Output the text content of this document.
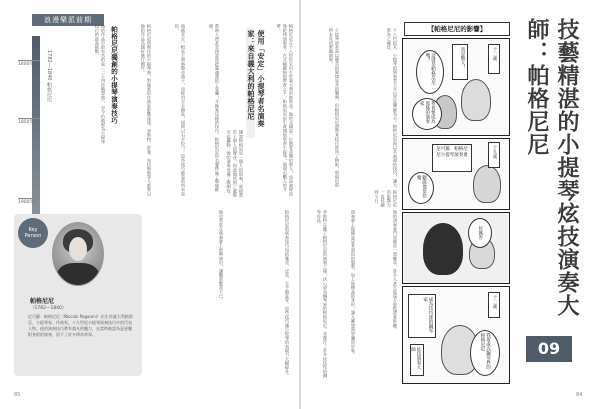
浪漫樂派前期
1800年
1850年
1900年
1782—1840 帕格尼尼	使用「安定」小提琴者名演奏家：來自義大利的帕格尼尼	帕格尼尼在十八世紀末出生於義大利的熱那亞。他的父親是一位熱愛音樂的商人，也是業餘的曼陀林演奏者。在父親嚴格的教育之下，帕格尼尼很小就開始學習小提琴，展現出驚人的才華。
據說帕格尼尼一個人的演奏，就相當於十個人的聲音，因此他所到之處都引起轟動。他的演奏充滿了戲劇性，
當時人們甚至傳說他把靈魂賣給了惡魔，才換來這樣的技巧。帕格尼尼的名聲傳遍了整個歐洲。
他擅長在一根弦上演奏整首曲子，也能用左手撥弦，同時以右手拉弓。這些技巧都是前所未見的。
帕格尼尼所創作的小提琴曲，對後來的作曲家影響深遠。李斯特、舒曼、布拉姆斯等人都曾以他的作品為題材進行創作。
帕格尼尼獨創的小提琴演奏技巧
他的作品中最有名的是〈二十四首隨想曲〉，至今仍被視為小提琴技巧的最高挑戰。
帕格尼尼的演奏技巧包括雙音、泛音、左手撥弦等。這些技巧讓小提琴的表現力大幅提升。
他也常常在演奏會上即興演出，讓觀眾驚喜不已。
Key
Person
帕格尼尼
（1782—1840）
尼可羅．帕格尼尼（Niccolo Paganini）出生於義大利熱那亞，小提琴家、作曲家。十九世紀小提琴演奏技巧中的代表人物。他的演奏技巧帶有超凡的魔力，在當時被認為是惡魔附身般的演奏，留下了許多傳奇故事。
85
【帕格尼尼的影響】
真是驚人！
這就是帕格尼尼嗎？	十二歲
我也要成為那樣的演奏家
十九歲
尼可羅．帕格尼尼小提琴演奏會
聽說他是惡魔
好厲害
十二歲
成為技巧派的鋼琴家
我要成為鋼琴界的帕格尼尼
炫技演奏大師
十八世紀末，小提琴的演奏者大多以宮廷樂師為主。帕格尼尼則以其高超的技巧，讓大眾為之瘋狂。
小提琴原本是以優美的旋律見長的樂器，但帕格尼尼卻將其技巧推向了極限，展現出前所未見的華麗演奏。
他的演奏會門票總是一票難求，許多人甚至從遠方專程趕來聆聽。
演奏會上他總是穿著黑色的服裝，加上他瘦高的身形，讓人聯想到惡魔的形象。
李斯特在聽了帕格尼尼的演奏之後，決心成為鋼琴界的帕格尼尼，並創作了許多炫技性的鋼琴作品。
帕格尼尼的影響力一直延續到今日，	技藝精湛的小提琴炫技演奏大師：帕格尼尼
09
84
